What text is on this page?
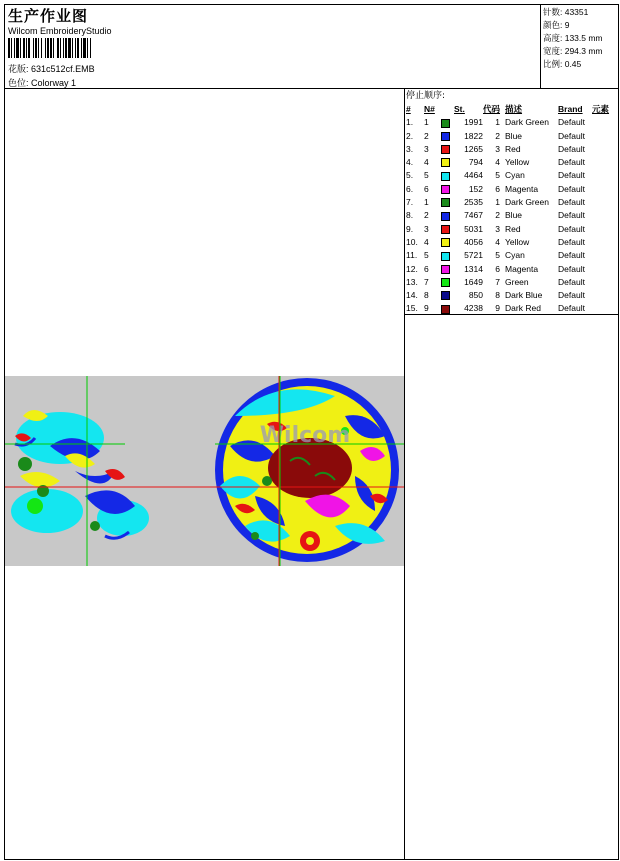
生产作业图
Wilcom EmbroideryStudio
花版: 631c512cf.EMB
色位: Colorway 1
针数: 43351
颜色: 9
高度: 133.5 mm
宽度: 294.3 mm
比例: 0.45
Wilcom
停止顺序:
#	N#		St.	代码	描述	Brand	元素
1.	1		1991	1	Dark Green	Default	
2.	2		1822	2	Blue	Default	
3.	3		1265	3	Red	Default	
4.	4		794	4	Yellow	Default	
5.	5		4464	5	Cyan	Default	
6.	6		152	6	Magenta	Default	
7.	1		2535	1	Dark Green	Default	
8.	2		7467	2	Blue	Default	
9.	3		5031	3	Red	Default	
10.	4		4056	4	Yellow	Default	
11.	5		5721	5	Cyan	Default	
12.	6		1314	6	Magenta	Default	
13.	7		1649	7	Green	Default	
14.	8		850	8	Dark Blue	Default	
15.	9		4238	9	Dark Red	Default	
